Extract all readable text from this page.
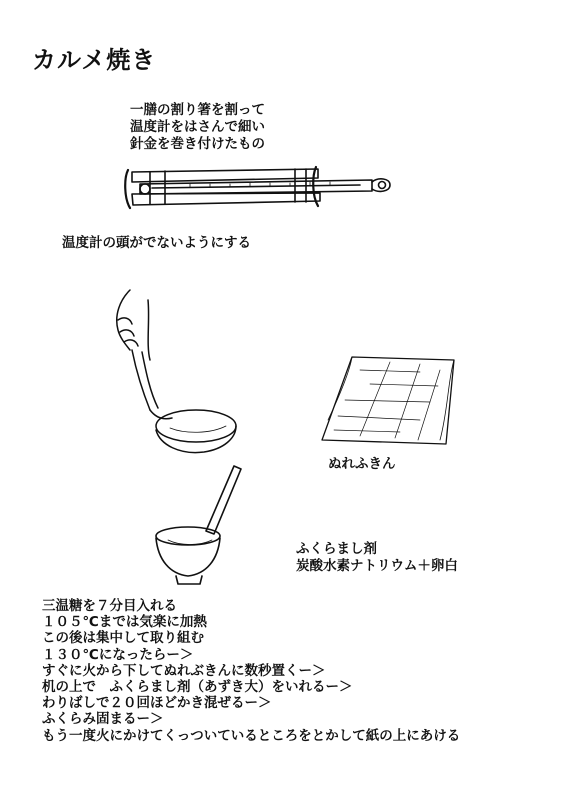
カルメ焼き
一膳の割り箸を割って
温度計をはさんで細い
針金を巻き付けたもの
温度計の頭がでないようにする
ぬれふきん
ふくらまし剤
炭酸水素ナトリウム＋卵白
三温糖を７分目入れる
１０５℃までは気楽に加熱
この後は集中して取り組む
１３０℃になったらー＞
すぐに火から下してぬれぶきんに数秒置くー＞
机の上で　ふくらまし剤（あずき大）をいれるー＞
わりばしで２０回ほどかき混ぜるー＞
ふくらみ固まるー＞
もう一度火にかけてくっついているところをとかして紙の上にあける
